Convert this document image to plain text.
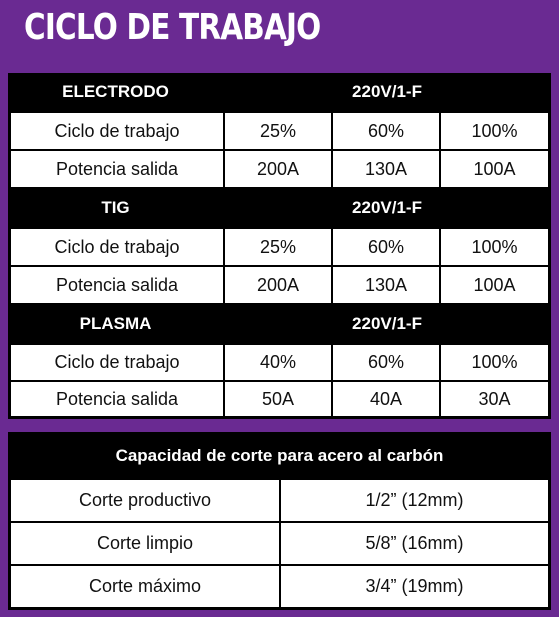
CICLO DE TRABAJO
ELECTRODO	220V/1-F
Ciclo de trabajo	25%	60%	100%
Potencia salida	200A	130A	100A
TIG	220V/1-F
Ciclo de trabajo	25%	60%	100%
Potencia salida	200A	130A	100A
PLASMA	220V/1-F
Ciclo de trabajo	40%	60%	100%
Potencia salida	50A	40A	30A
Capacidad de corte para acero al carbón
Corte productivo	1/2” (12mm)
Corte limpio	5/8” (16mm)
Corte máximo	3/4” (19mm)
